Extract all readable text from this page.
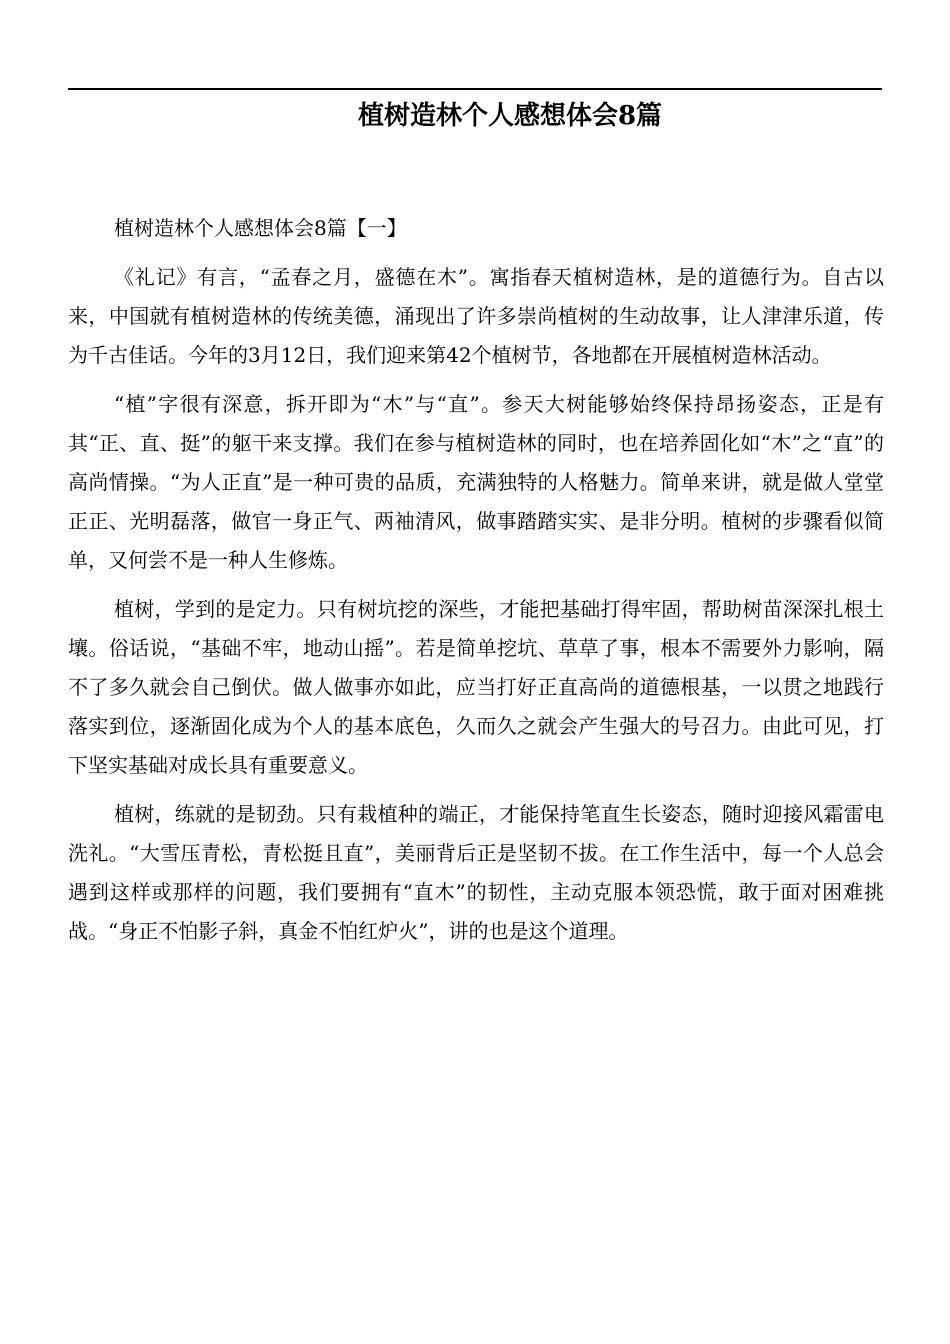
植树造林个人感想体会8篇

植树造林个人感想体会8篇【一】

《礼记》有言，“孟春之月，盛德在木”。寓指春天植树造林，是的道德行为。自古以来，中国就有植树造林的传统美德，涌现出了许多崇尚植树的生动故事，让人津津乐道，传为千古佳话。今年的3月12日，我们迎来第42个植树节，各地都在开展植树造林活动。

“植”字很有深意，拆开即为“木”与“直”。参天大树能够始终保持昂扬姿态，正是有其“正、直、挺”的躯干来支撑。我们在参与植树造林的同时，也在培养固化如“木”之“直”的高尚情操。“为人正直”是一种可贵的品质，充满独特的人格魅力。简单来讲，就是做人堂堂正正、光明磊落，做官一身正气、两袖清风，做事踏踏实实、是非分明。植树的步骤看似简单，又何尝不是一种人生修炼。

植树，学到的是定力。只有树坑挖的深些，才能把基础打得牢固，帮助树苗深深扎根土壤。俗话说，“基础不牢，地动山摇”。若是简单挖坑、草草了事，根本不需要外力影响，隔不了多久就会自己倒伏。做人做事亦如此，应当打好正直高尚的道德根基，一以贯之地践行落实到位，逐渐固化成为个人的基本底色，久而久之就会产生强大的号召力。由此可见，打下坚实基础对成长具有重要意义。

植树，练就的是韧劲。只有栽植种的端正，才能保持笔直生长姿态，随时迎接风霜雷电洗礼。“大雪压青松，青松挺且直”，美丽背后正是坚韧不拔。在工作生活中，每一个人总会遇到这样或那样的问题，我们要拥有“直木”的韧性，主动克服本领恐慌，敢于面对困难挑战。“身正不怕影子斜，真金不怕红炉火”，讲的也是这个道理。
